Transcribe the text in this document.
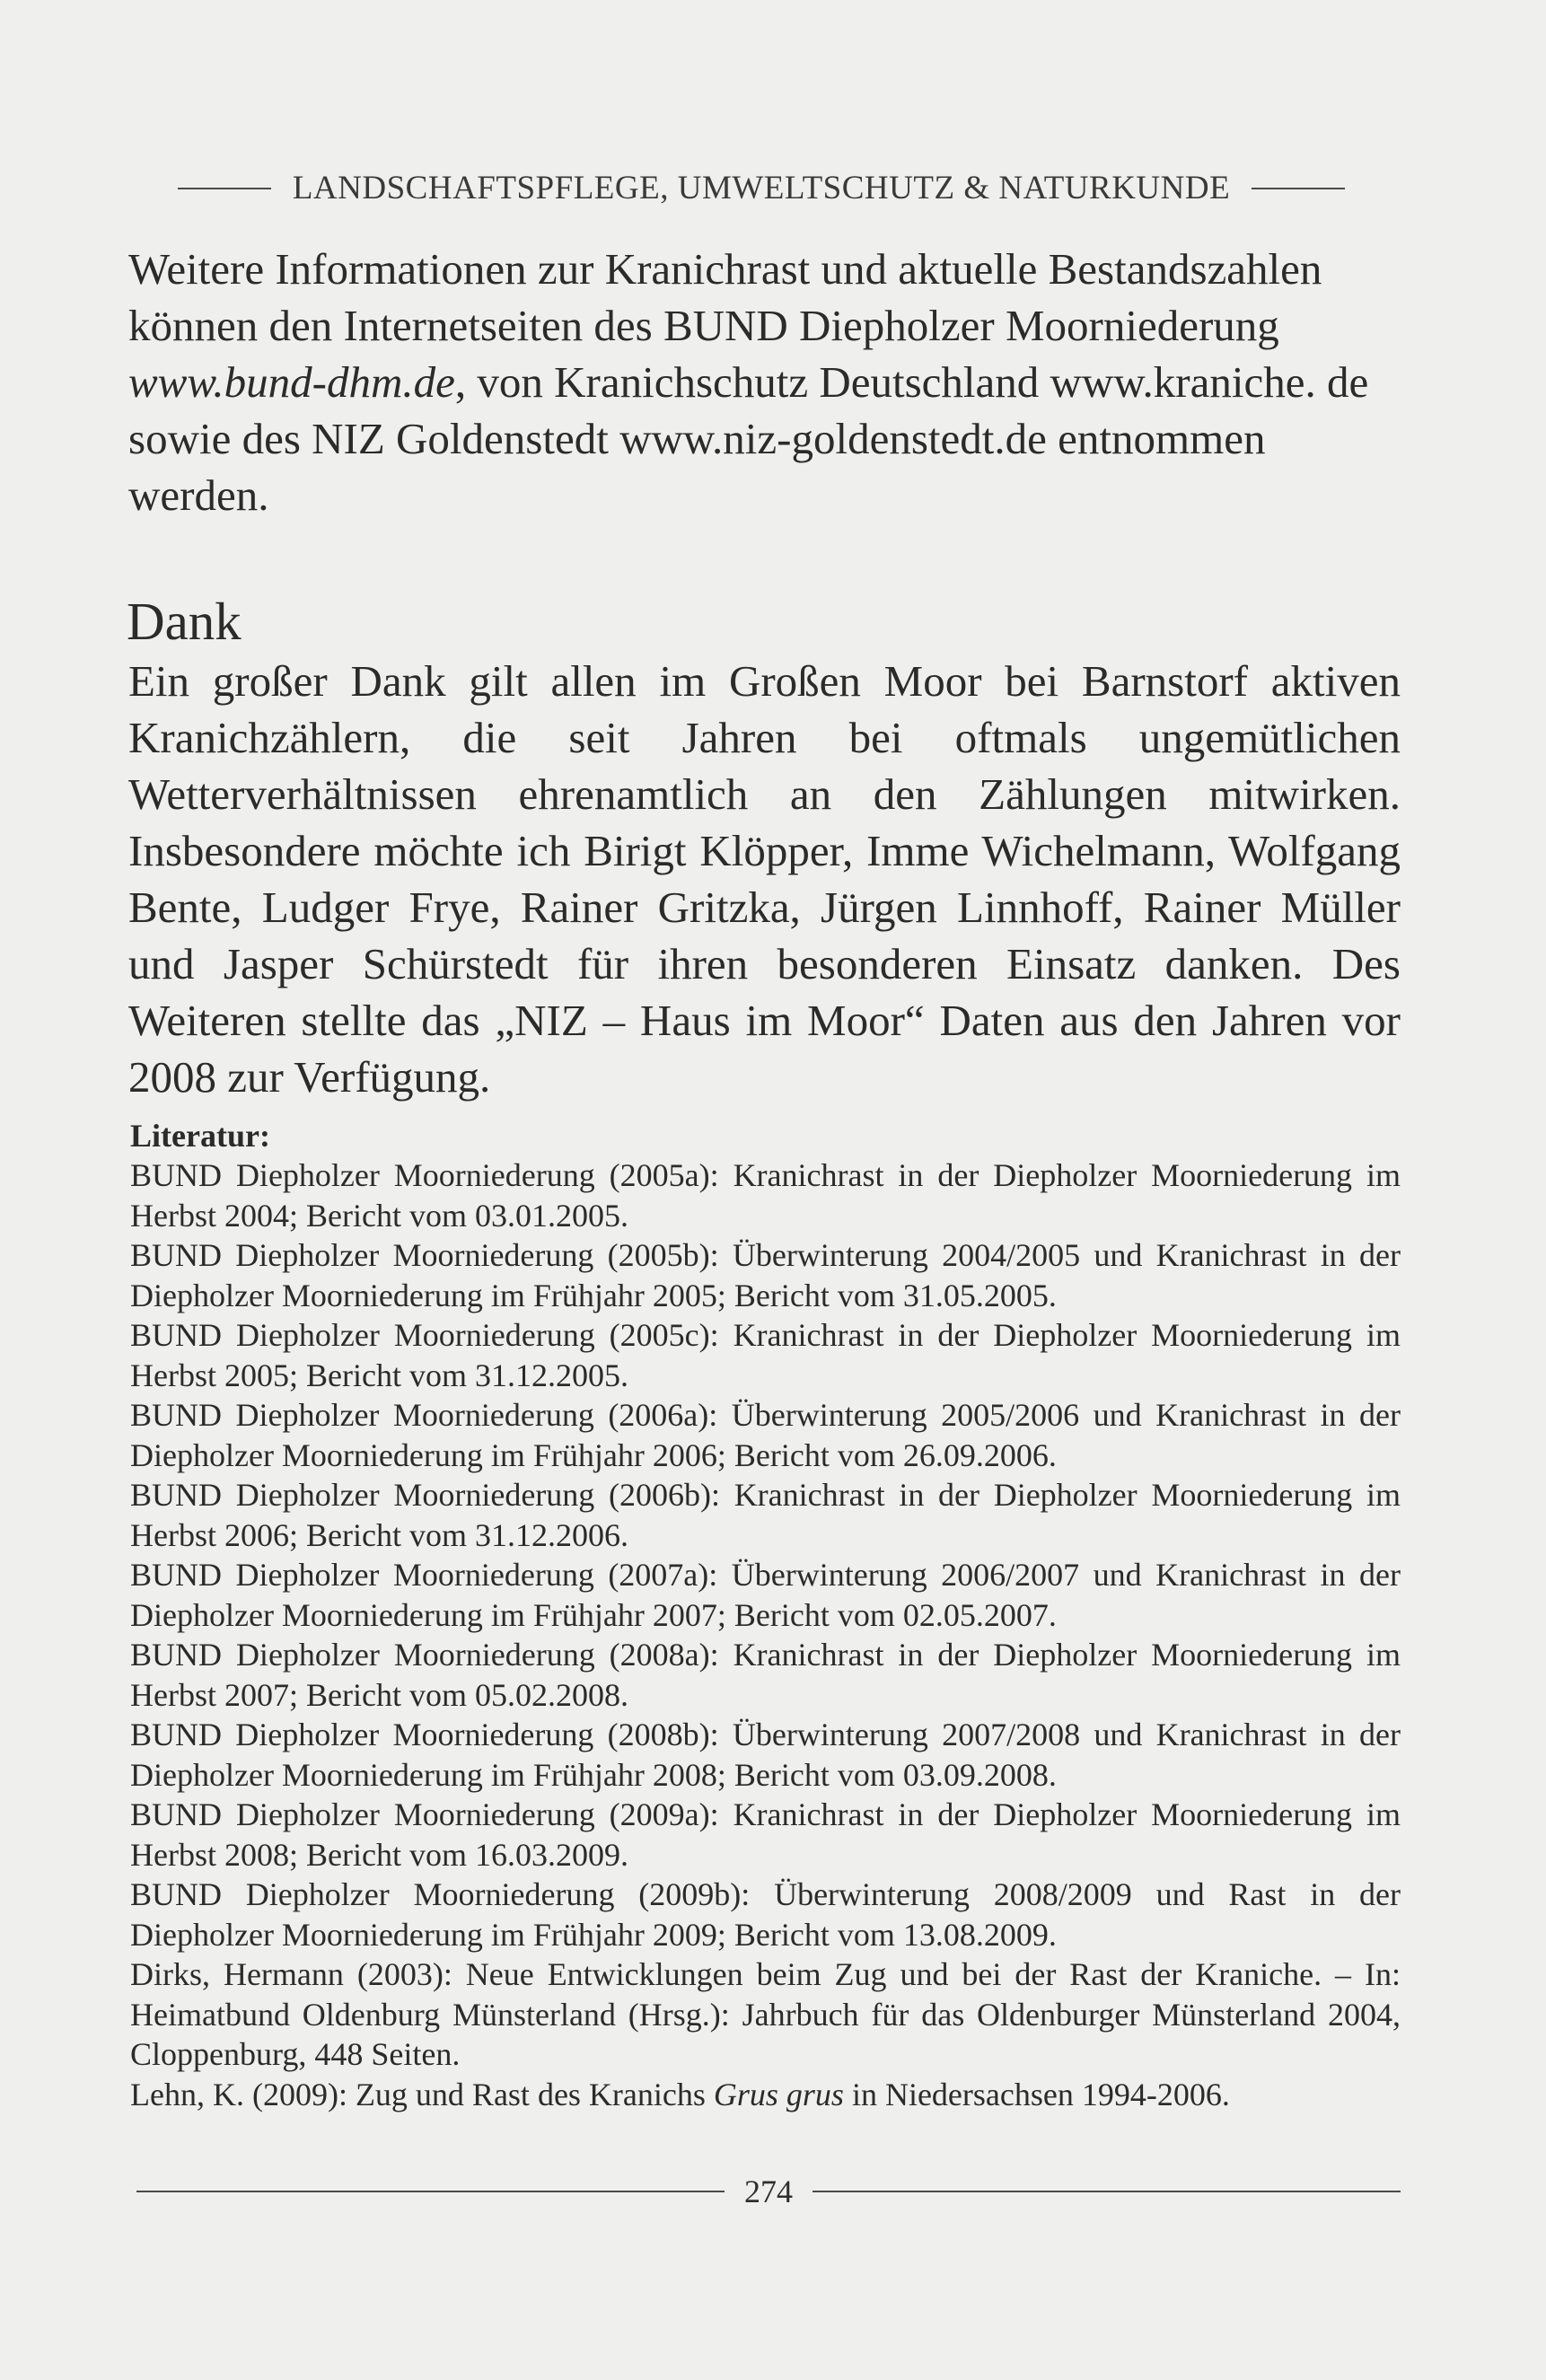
LANDSCHAFTSPFLEGE, UMWELTSCHUTZ & NATURKUNDE

Weitere Informationen zur Kranichrast und aktuelle Bestandszahlen können den Internetseiten des BUND Diepholzer Moorniederung www.bund-dhm.de, von Kranichschutz Deutschland www.kraniche. de sowie des NIZ Goldenstedt www.niz-goldenstedt.de entnommen werden.

Dank

Ein großer Dank gilt allen im Großen Moor bei Barnstorf aktiven Kranichzählern, die seit Jahren bei oftmals ungemütlichen Wetterverhältnissen ehrenamtlich an den Zählungen mitwirken. Insbesondere möchte ich Birigt Klöpper, Imme Wichelmann, Wolfgang Bente, Ludger Frye, Rainer Gritzka, Jürgen Linnhoff, Rainer Müller und Jasper Schürstedt für ihren besonderen Einsatz danken. Des Weiteren stellte das „NIZ – Haus im Moor“ Daten aus den Jahren vor 2008 zur Verfügung.

Literatur:
BUND Diepholzer Moorniederung (2005a): Kranichrast in der Diepholzer Moorniederung im Herbst 2004; Bericht vom 03.01.2005.
BUND Diepholzer Moorniederung (2005b): Überwinterung 2004/2005 und Kranichrast in der Diepholzer Moorniederung im Frühjahr 2005; Bericht vom 31.05.2005.
BUND Diepholzer Moorniederung (2005c): Kranichrast in der Diepholzer Moorniederung im Herbst 2005; Bericht vom 31.12.2005.
BUND Diepholzer Moorniederung (2006a): Überwinterung 2005/2006 und Kranichrast in der Diepholzer Moorniederung im Frühjahr 2006; Bericht vom 26.09.2006.
BUND Diepholzer Moorniederung (2006b): Kranichrast in der Diepholzer Moorniederung im Herbst 2006; Bericht vom 31.12.2006.
BUND Diepholzer Moorniederung (2007a): Überwinterung 2006/2007 und Kranichrast in der Diepholzer Moorniederung im Frühjahr 2007; Bericht vom 02.05.2007.
BUND Diepholzer Moorniederung (2008a): Kranichrast in der Diepholzer Moorniederung im Herbst 2007; Bericht vom 05.02.2008.
BUND Diepholzer Moorniederung (2008b): Überwinterung 2007/2008 und Kranichrast in der Diepholzer Moorniederung im Frühjahr 2008; Bericht vom 03.09.2008.
BUND Diepholzer Moorniederung (2009a): Kranichrast in der Diepholzer Moorniederung im Herbst 2008; Bericht vom 16.03.2009.
BUND Diepholzer Moorniederung (2009b): Überwinterung 2008/2009 und Rast in der Diepholzer Moorniederung im Frühjahr 2009; Bericht vom 13.08.2009.
Dirks, Hermann (2003): Neue Entwicklungen beim Zug und bei der Rast der Kraniche. – In: Heimatbund Oldenburg Münsterland (Hrsg.): Jahrbuch für das Oldenburger Münsterland 2004, Cloppenburg, 448 Seiten.
Lehn, K. (2009): Zug und Rast des Kranichs Grus grus in Niedersachsen 1994-2006.
274
